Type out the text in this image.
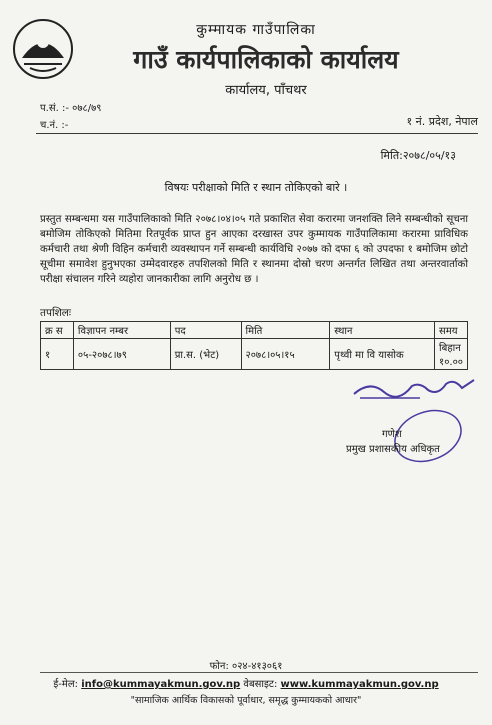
कुम्मायक गाउँपालिका
गाउँ कार्यपालिकाको कार्यालय
कार्यालय, पाँचथर
प.सं. :- ०७८/७९
च.नं. :-	१ नं. प्रदेश, नेपाल
मिति:२०७८/०५/१३
विषयः परीक्षाको मिति र स्थान तोकिएको बारे ।
प्रस्तुत सम्बन्धमा यस गाउँपालिकाको मिति २०७८।०४।०५ गते प्रकाशित सेवा करारमा जनशक्ति लिने सम्बन्धीको सूचना बमोजिम तोकिएको मितिमा रितपूर्वक प्राप्त हुन आएका दरखास्त उपर कुम्मायक गाउँपालिकामा करारमा प्राविधिक कर्मचारी तथा श्रेणी विहिन कर्मचारी व्यवस्थापन गर्ने सम्बन्धी कार्यविधि २०७७ को दफा ६ को उपदफा १ बमोजिम छोटो सूचीमा समावेश हुनुभएका उम्मेदवारहरु तपशिलको मिति र स्थानमा दोस्रो चरण अन्तर्गत लिखित तथा अन्तरवार्ताको परीक्षा संचालन गरिने व्यहोरा जानकारीका लागि अनुरोध छ ।
तपशिलः
क्र स	विज्ञापन नम्बर	पद	मिति	स्थान	समय
१	०५-२०७८।७९	प्रा.स. (भेट)	२०७८।०५।१५	पृथ्वी मा वि यासोक	बिहान १०.००
गणेश
प्रमुख प्रशासकीय अधिकृत
फोन: ०२४-४१३०६१
ई-मेल: info@kummayakmun.gov.np वेबसाइट: www.kummayakmun.gov.np
"सामाजिक आर्थिक विकासको पूर्वाधार, समृद्ध कुम्मायकको आधार"
